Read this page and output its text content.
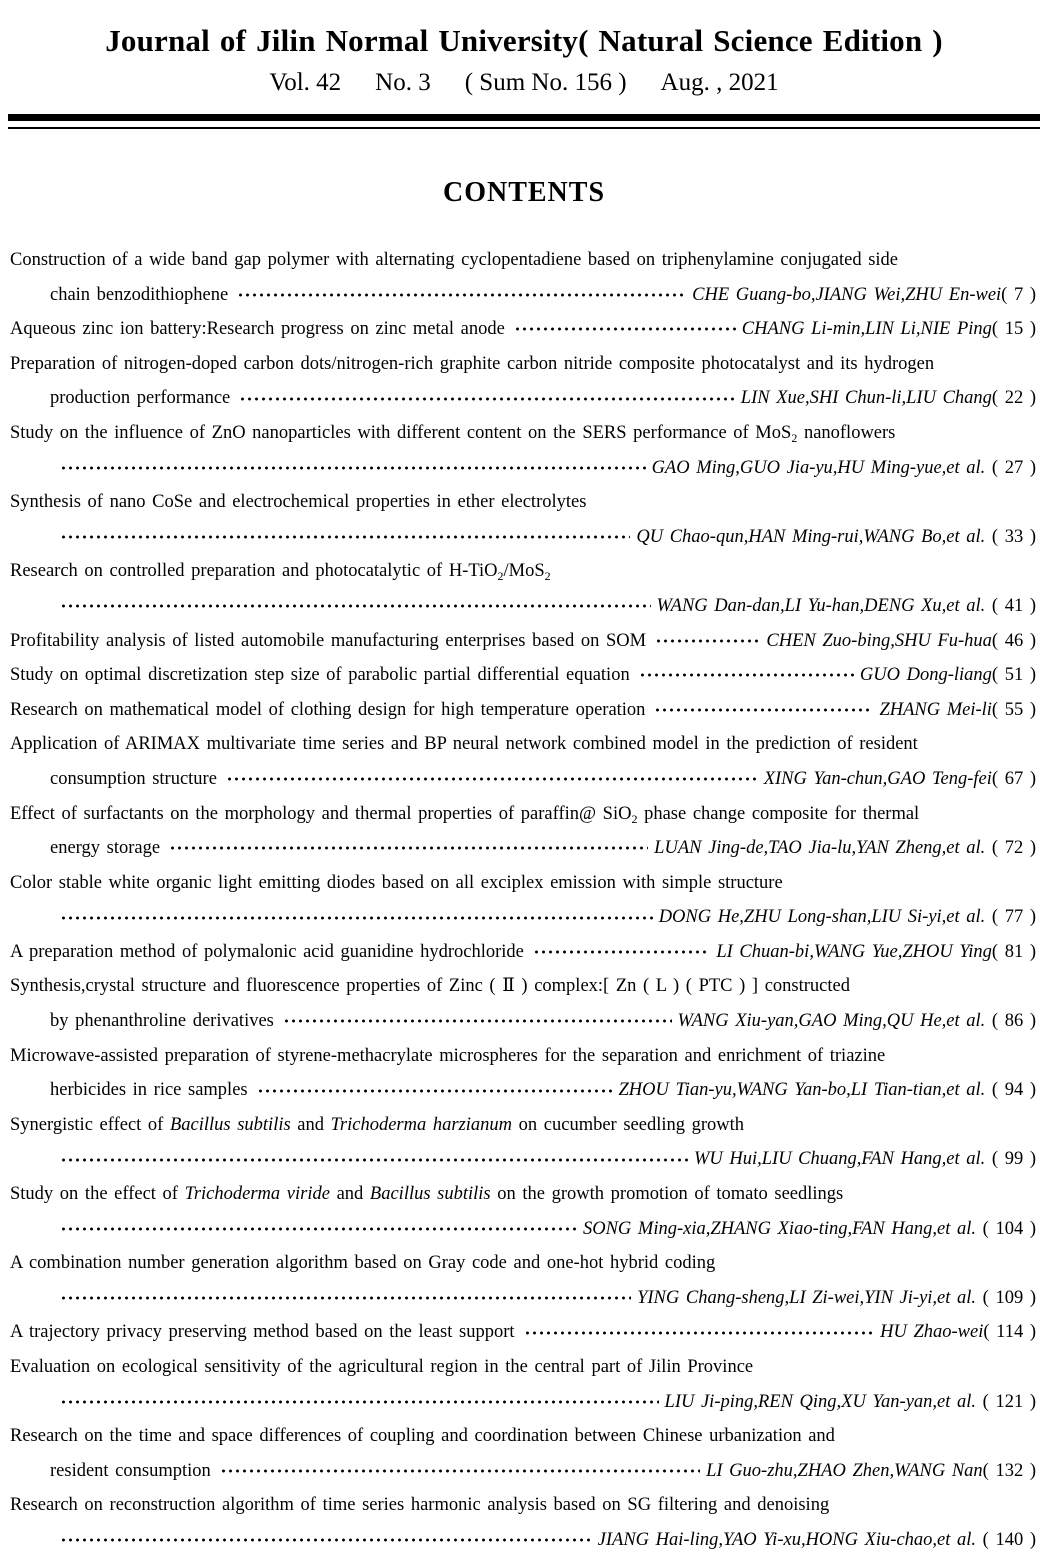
Journal of Jilin Normal University( Natural Science Edition )
Vol. 42 No. 3 ( Sum No. 156 ) Aug. , 2021
CONTENTS
Construction of a wide band gap polymer with alternating cyclopentadiene based on triphenylamine conjugated side
chain benzodithiophene	CHE Guang-bo,JIANG Wei,ZHU En-wei ( 7 )
Aqueous zinc ion battery:Research progress on zinc metal anode	CHANG Li-min,LIN Li,NIE Ping ( 15 )
Preparation of nitrogen-doped carbon dots/nitrogen-rich graphite carbon nitride composite photocatalyst and its hydrogen
production performance	LIN Xue,SHI Chun-li,LIU Chang ( 22 )
Study on the influence of ZnO nanoparticles with different content on the SERS performance of MoS$_2$ nanoflowers
GAO Ming,GUO Jia-yu,HU Ming-yue,et al. ( 27 )
Synthesis of nano CoSe and electrochemical properties in ether electrolytes
QU Chao-qun,HAN Ming-rui,WANG Bo,et al. ( 33 )
Research on controlled preparation and photocatalytic of H-TiO$_2$/MoS$_2$
WANG Dan-dan,LI Yu-han,DENG Xu,et al. ( 41 )
Profitability analysis of listed automobile manufacturing enterprises based on SOM	CHEN Zuo-bing,SHU Fu-hua ( 46 )
Study on optimal discretization step size of parabolic partial differential equation	GUO Dong-liang ( 51 )
Research on mathematical model of clothing design for high temperature operation	ZHANG Mei-li ( 55 )
Application of ARIMAX multivariate time series and BP neural network combined model in the prediction of resident
consumption structure	XING Yan-chun,GAO Teng-fei ( 67 )
Effect of surfactants on the morphology and thermal properties of paraffin@ SiO$_2$ phase change composite for thermal
energy storage	LUAN Jing-de,TAO Jia-lu,YAN Zheng,et al. ( 72 )
Color stable white organic light emitting diodes based on all exciplex emission with simple structure
DONG He,ZHU Long-shan,LIU Si-yi,et al. ( 77 )
A preparation method of polymalonic acid guanidine hydrochloride	LI Chuan-bi,WANG Yue,ZHOU Ying ( 81 )
Synthesis,crystal structure and fluorescence properties of Zinc ( Ⅱ ) complex:[ Zn ( L ) ( PTC ) ] constructed
by phenanthroline derivatives	WANG Xiu-yan,GAO Ming,QU He,et al. ( 86 )
Microwave-assisted preparation of styrene-methacrylate microspheres for the separation and enrichment of triazine
herbicides in rice samples	ZHOU Tian-yu,WANG Yan-bo,LI Tian-tian,et al. ( 94 )
Synergistic effect of Bacillus subtilis and Trichoderma harzianum on cucumber seedling growth
WU Hui,LIU Chuang,FAN Hang,et al. ( 99 )
Study on the effect of Trichoderma viride and Bacillus subtilis on the growth promotion of tomato seedlings
SONG Ming-xia,ZHANG Xiao-ting,FAN Hang,et al. ( 104 )
A combination number generation algorithm based on Gray code and one-hot hybrid coding
YING Chang-sheng,LI Zi-wei,YIN Ji-yi,et al. ( 109 )
A trajectory privacy preserving method based on the least support	HU Zhao-wei ( 114 )
Evaluation on ecological sensitivity of the agricultural region in the central part of Jilin Province
LIU Ji-ping,REN Qing,XU Yan-yan,et al. ( 121 )
Research on the time and space differences of coupling and coordination between Chinese urbanization and
resident consumption	LI Guo-zhu,ZHAO Zhen,WANG Nan ( 132 )
Research on reconstruction algorithm of time series harmonic analysis based on SG filtering and denoising
JIANG Hai-ling,YAO Yi-xu,HONG Xiu-chao,et al. ( 140 )
